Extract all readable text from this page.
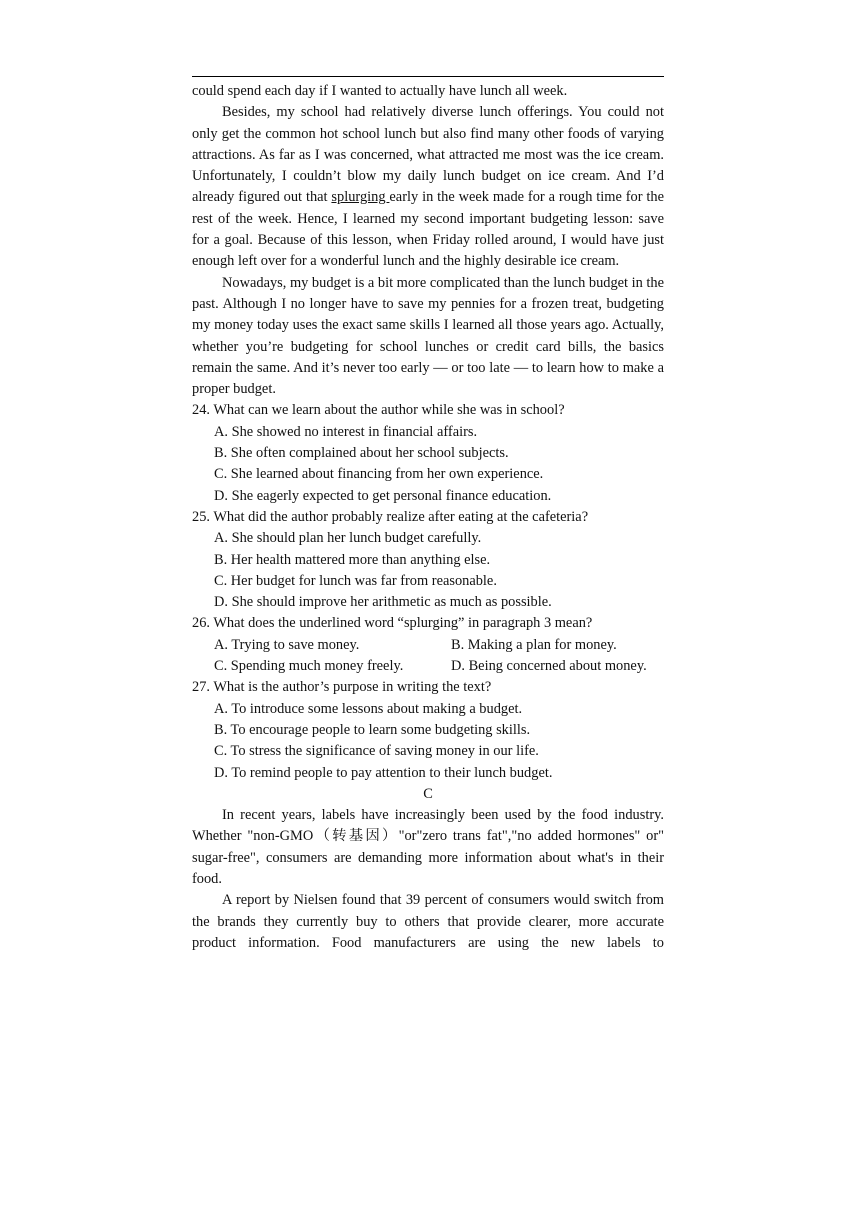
could spend each day if I wanted to actually have lunch all week.

Besides, my school had relatively diverse lunch offerings. You could not only get the common hot school lunch but also find many other foods of varying attractions. As far as I was concerned, what attracted me most was the ice cream. Unfortunately, I couldn’t blow my daily lunch budget on ice cream. And I’d already figured out that splurging early in the week made for a rough time for the rest of the week. Hence, I learned my second important budgeting lesson: save for a goal. Because of this lesson, when Friday rolled around, I would have just enough left over for a wonderful lunch and the highly desirable ice cream.

Nowadays, my budget is a bit more complicated than the lunch budget in the past. Although I no longer have to save my pennies for a frozen treat, budgeting my money today uses the exact same skills I learned all those years ago. Actually, whether you’re budgeting for school lunches or credit card bills, the basics remain the same. And it’s never too early — or too late — to learn how to make a proper budget.

24. What can we learn about the author while she was in school?
A. She showed no interest in financial affairs.
B. She often complained about her school subjects.
C. She learned about financing from her own experience.
D. She eagerly expected to get personal finance education.
25. What did the author probably realize after eating at the cafeteria?
A. She should plan her lunch budget carefully.
B. Her health mattered more than anything else.
C. Her budget for lunch was far from reasonable.
D. She should improve her arithmetic as much as possible.
26. What does the underlined word “splurging” in paragraph 3 mean?
A. Trying to save money.	B. Making a plan for money.
C. Spending much money freely.	D. Being concerned about money.
27. What is the author’s purpose in writing the text?
A. To introduce some lessons about making a budget.
B. To encourage people to learn some budgeting skills.
C. To stress the significance of saving money in our life.
D. To remind people to pay attention to their lunch budget.
C

In recent years, labels have increasingly been used by the food industry. Whether "non-GMO（转基因）"or"zero trans fat","no added hormones" or" sugar-free", consumers are demanding more information about what's in their food.

A report by Nielsen found that 39 percent of consumers would switch from the brands they currently buy to others that provide clearer, more accurate product information. Food manufacturers are using the new labels to
